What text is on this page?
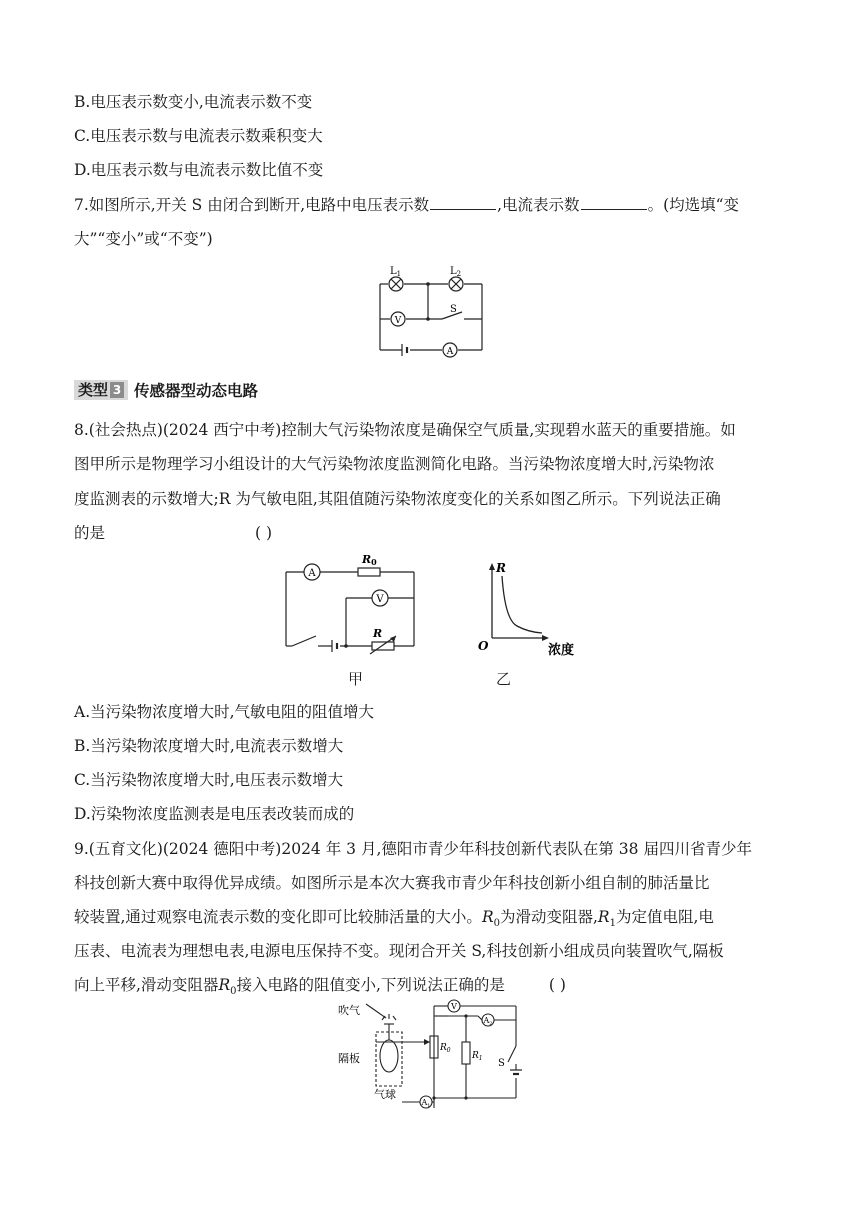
B.电压表示数变小,电流表示数不变

C.电压表示数与电流表示数乘积变大

D.电压表示数与电流表示数比值不变

7.如图所示,开关 S 由闭合到断开,电路中电压表示数	,电流表示数	。(均选填“变

大”“变小”或“不变”)

$L_1$	$L_2$
S
V
A
类型 3 传感器型动态电路

8.(社会热点)(2024 西宁中考)控制大气污染物浓度是确保空气质量,实现碧水蓝天的重要措施。如

图甲所示是物理学习小组设计的大气污染物浓度监测简化电路。当污染物浓度增大时,污染物浓

度监测表的示数增大;R 为气敏电阻,其阻值随污染物浓度变化的关系如图乙所示。下列说法正确

的是	( )

A
V
R0
R
甲
R
O	浓度
乙

A.当污染物浓度增大时,气敏电阻的阻值增大

B.当污染物浓度增大时,电流表示数增大

C.当污染物浓度增大时,电压表示数增大

D.污染物浓度监测表是电压表改装而成的

9.(五育文化)(2024 德阳中考)2024 年 3 月,德阳市青少年科技创新代表队在第 38 届四川省青少年

科技创新大赛中取得优异成绩。如图所示是本次大赛我市青少年科技创新小组自制的肺活量比

较装置,通过观察电流表示数的变化即可比较肺活量的大小。$R_0$为滑动变阻器$,R_1$为定值电阻,电

压表、电流表为理想电表,电源电压保持不变。现闭合开关 S,科技创新小组成员向装置吹气,隔板

向上平移,滑动变阻器$R_0$接入电路的阻值变小,下列说法正确的是	( )

吹气
隔板
气球
V
$A_2$
$A_1$
$R_0$
$R_1$ S
